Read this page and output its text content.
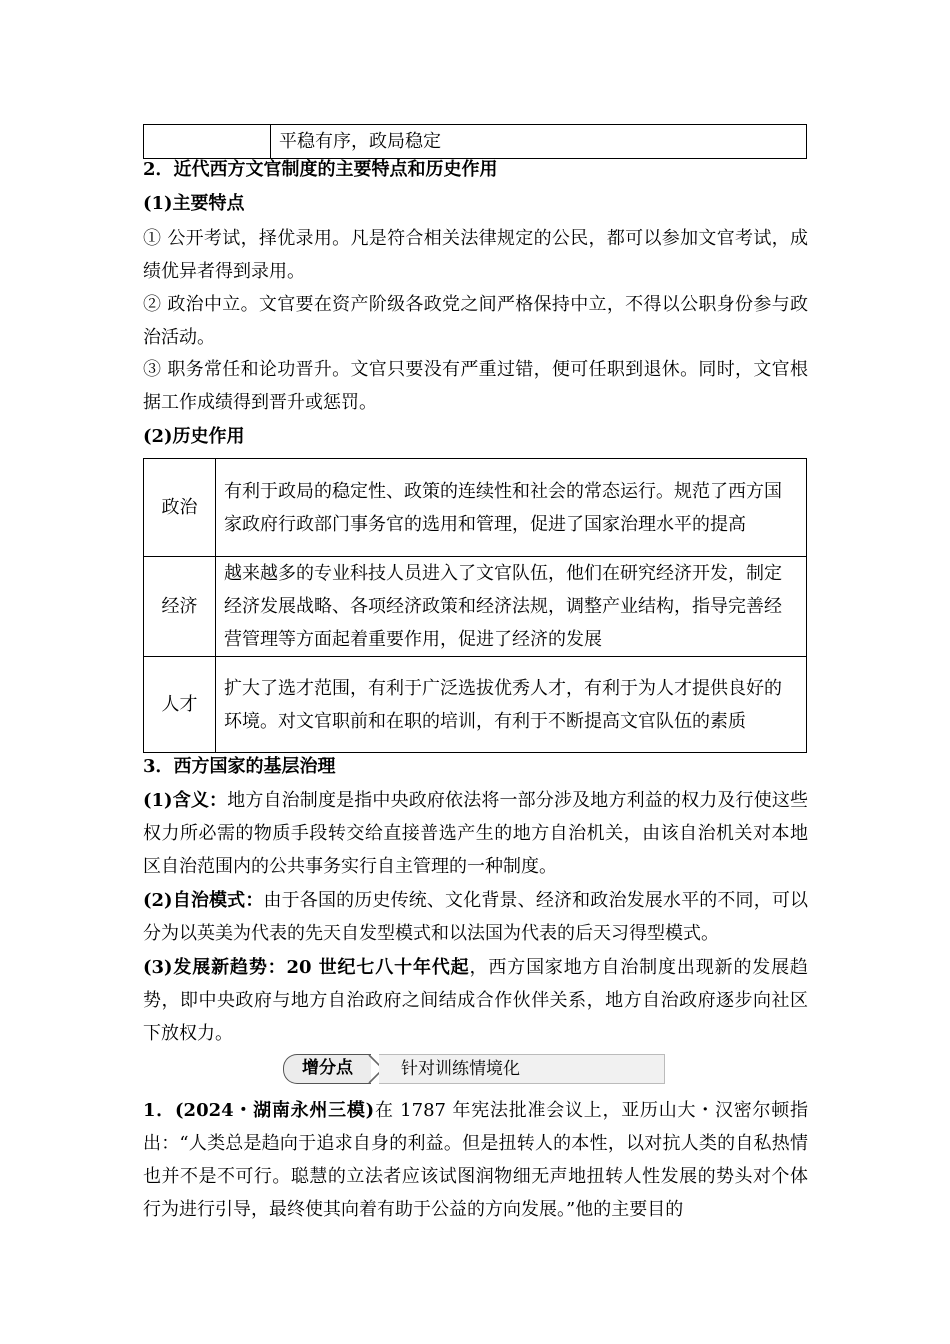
	平稳有序，政局稳定
2．近代西方文官制度的主要特点和历史作用
(1)主要特点
① 公开考试，择优录用。凡是符合相关法律规定的公民，都可以参加文官考试，成绩优异者得到录用。
② 政治中立。文官要在资产阶级各政党之间严格保持中立，不得以公职身份参与政治活动。
③ 职务常任和论功晋升。文官只要没有严重过错，便可任职到退休。同时，文官根据工作成绩得到晋升或惩罚。
(2)历史作用
政治	有利于政局的稳定性、政策的连续性和社会的常态运行。规范了西方国家政府行政部门事务官的选用和管理，促进了国家治理水平的提高
经济	越来越多的专业科技人员进入了文官队伍，他们在研究经济开发，制定经济发展战略、各项经济政策和经济法规，调整产业结构，指导完善经营管理等方面起着重要作用，促进了经济的发展
人才	扩大了选才范围，有利于广泛选拔优秀人才，有利于为人才提供良好的环境。对文官职前和在职的培训，有利于不断提高文官队伍的素质
3．西方国家的基层治理
(1)含义：地方自治制度是指中央政府依法将一部分涉及地方利益的权力及行使这些权力所必需的物质手段转交给直接普选产生的地方自治机关，由该自治机关对本地区自治范围内的公共事务实行自主管理的一种制度。
(2)自治模式：由于各国的历史传统、文化背景、经济和政治发展水平的不同，可以分为以英美为代表的先天自发型模式和以法国为代表的后天习得型模式。
(3)发展新趋势：20 世纪七八十年代起，西方国家地方自治制度出现新的发展趋势，即中央政府与地方自治政府之间结成合作伙伴关系，地方自治政府逐步向社区下放权力。
增分点	针对训练情境化
1．(2024・湖南永州三模)在 1787 年宪法批准会议上，亚历山大・汉密尔顿指出：“人类总是趋向于追求自身的利益。但是扭转人的本性，以对抗人类的自私热情也并不是不可行。聪慧的立法者应该试图润物细无声地扭转人性发展的势头对个体行为进行引导，最终使其向着有助于公益的方向发展。”他的主要目的
